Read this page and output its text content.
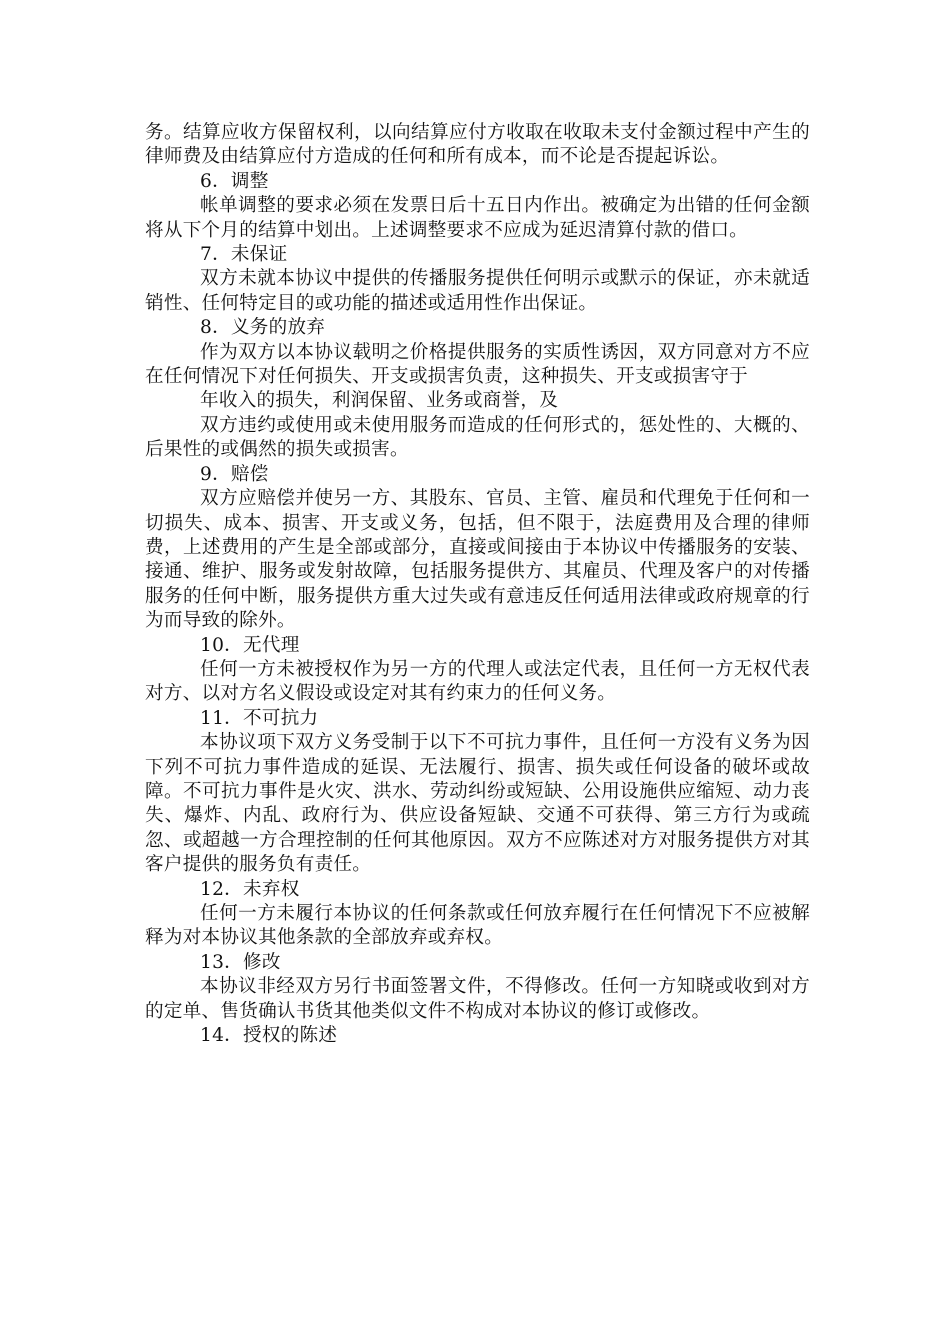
务。结算应收方保留权利，以向结算应付方收取在收取未支付金额过程中产生的律师费及由结算应付方造成的任何和所有成本，而不论是否提起诉讼。

6．调整

帐单调整的要求必须在发票日后十五日内作出。被确定为出错的任何金额将从下个月的结算中划出。上述调整要求不应成为延迟清算付款的借口。

7．未保证

双方未就本协议中提供的传播服务提供任何明示或默示的保证，亦未就适销性、任何特定目的或功能的描述或适用性作出保证。

8．义务的放弃

作为双方以本协议载明之价格提供服务的实质性诱因，双方同意对方不应在任何情况下对任何损失、开支或损害负责，这种损失、开支或损害守于

年收入的损失，利润保留、业务或商誉，及

双方违约或使用或未使用服务而造成的任何形式的，惩处性的、大概的、后果性的或偶然的损失或损害。

9．赔偿

双方应赔偿并使另一方、其股东、官员、主管、雇员和代理免于任何和一切损失、成本、损害、开支或义务，包括，但不限于，法庭费用及合理的律师费，上述费用的产生是全部或部分，直接或间接由于本协议中传播服务的安装、接通、维护、服务或发射故障，包括服务提供方、其雇员、代理及客户的对传播服务的任何中断，服务提供方重大过失或有意违反任何适用法律或政府规章的行为而导致的除外。

10．无代理

任何一方未被授权作为另一方的代理人或法定代表，且任何一方无权代表对方、以对方名义假设或设定对其有约束力的任何义务。

11．不可抗力

本协议项下双方义务受制于以下不可抗力事件，且任何一方没有义务为因下列不可抗力事件造成的延误、无法履行、损害、损失或任何设备的破坏或故障。不可抗力事件是火灾、洪水、劳动纠纷或短缺、公用设施供应缩短、动力丧失、爆炸、内乱、政府行为、供应设备短缺、交通不可获得、第三方行为或疏忽、或超越一方合理控制的任何其他原因。双方不应陈述对方对服务提供方对其客户提供的服务负有责任。

12．未弃权

任何一方未履行本协议的任何条款或任何放弃履行在任何情况下不应被解释为对本协议其他条款的全部放弃或弃权。

13．修改

本协议非经双方另行书面签署文件，不得修改。任何一方知晓或收到对方的定单、售货确认书货其他类似文件不构成对本协议的修订或修改。

14．授权的陈述
